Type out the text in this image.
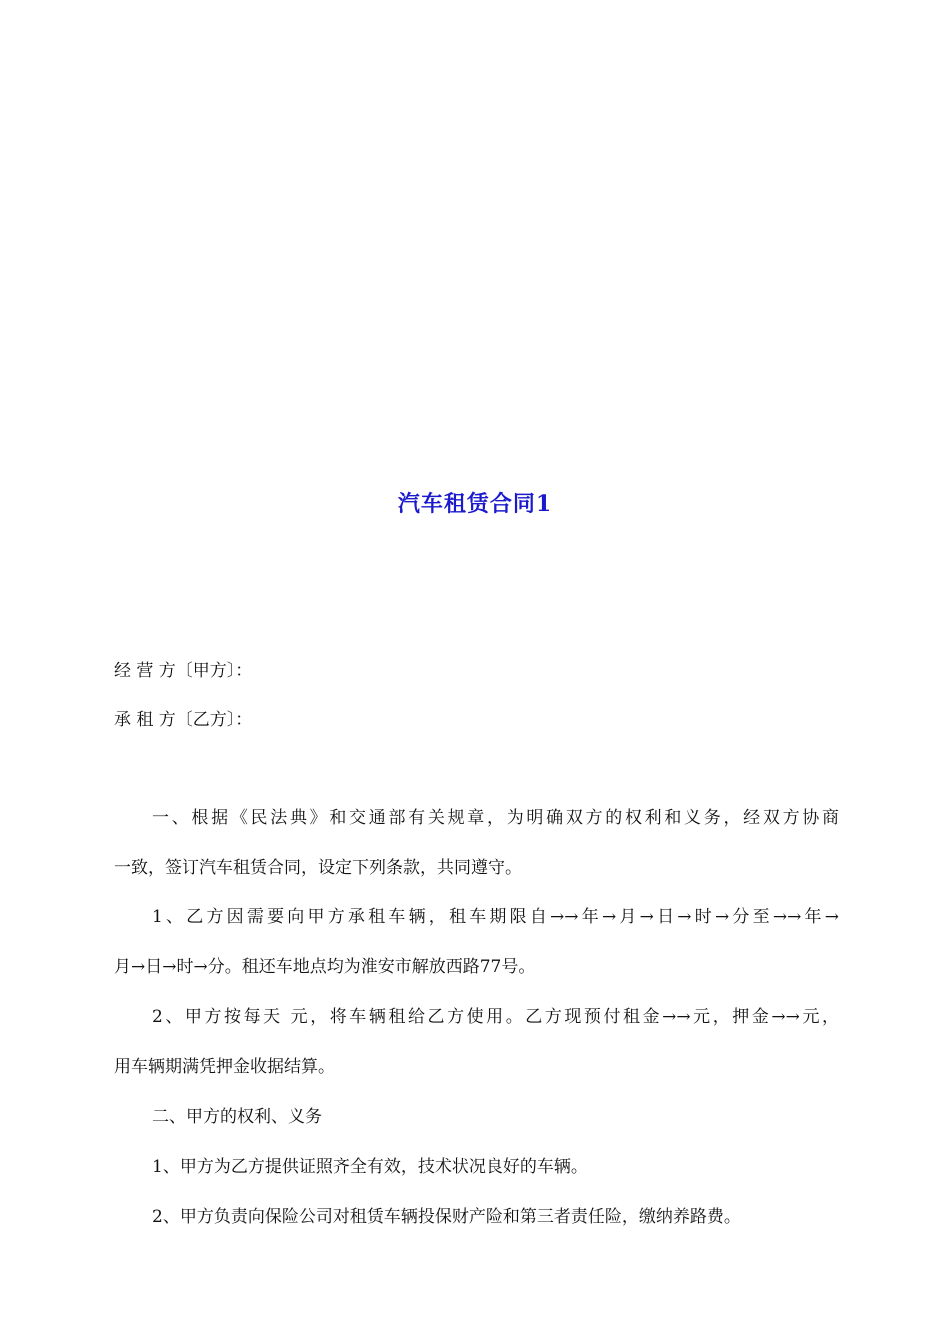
汽车租赁合同1
经 营 方〔甲方〕：
承 租 方〔乙方〕：
一、根据《民法典》和交通部有关规章，为明确双方的权利和义务，经双方协商
一致，签订汽车租赁合同，设定下列条款，共同遵守。
1、乙方因需要向甲方承租车辆，租车期限自→→年→月→日→时→分至→→年→
月→日→时→分。租还车地点均为淮安市解放西路77号。
2、甲方按每天 元，将车辆租给乙方使用。乙方现预付租金→→元，押金→→元，
用车辆期满凭押金收据结算。
二、甲方的权利、义务
1、甲方为乙方提供证照齐全有效，技术状况良好的车辆。
2、甲方负责向保险公司对租赁车辆投保财产险和第三者责任险，缴纳养路费。
